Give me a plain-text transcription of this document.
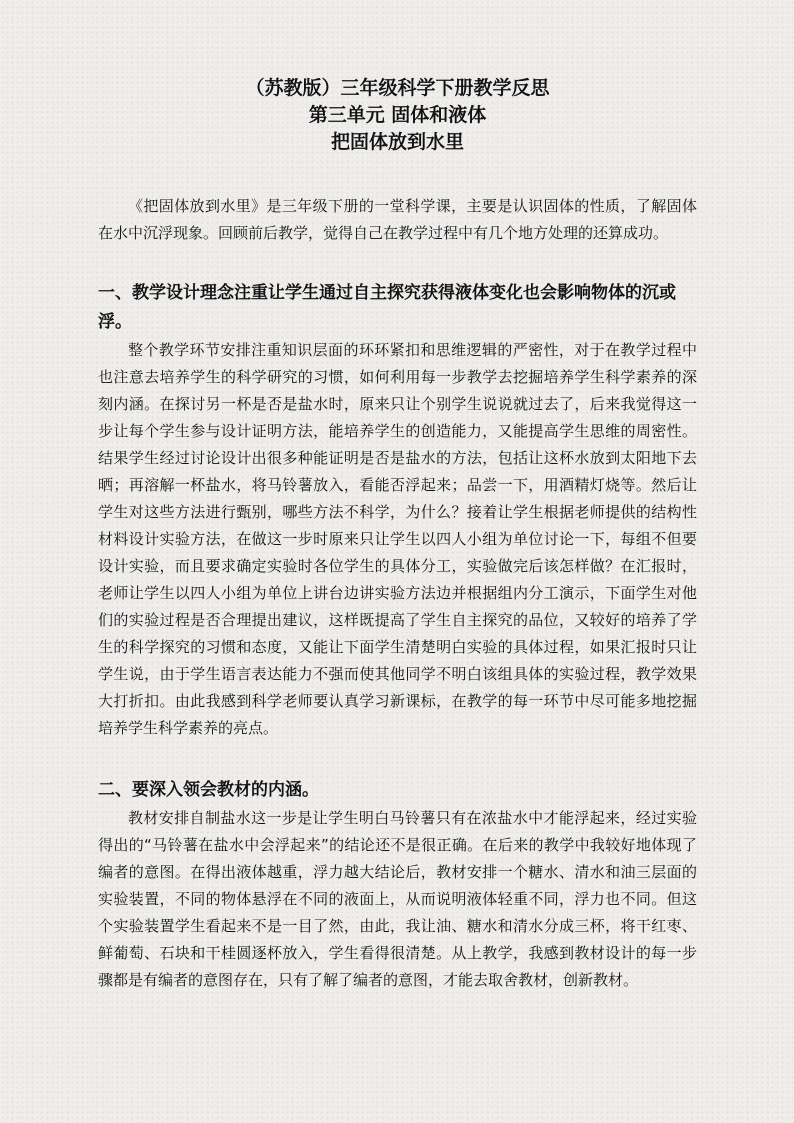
（苏教版）三年级科学下册教学反思
第三单元 固体和液体
把固体放到水里

《把固体放到水里》是三年级下册的一堂科学课，主要是认识固体的性质，了解固体在水中沉浮现象。回顾前后教学，觉得自己在教学过程中有几个地方处理的还算成功。

一、教学设计理念注重让学生通过自主探究获得液体变化也会影响物体的沉或浮。

整个教学环节安排注重知识层面的环环紧扣和思维逻辑的严密性，对于在教学过程中也注意去培养学生的科学研究的习惯，如何利用每一步教学去挖掘培养学生科学素养的深刻内涵。在探讨另一杯是否是盐水时，原来只让个别学生说说就过去了，后来我觉得这一步让每个学生参与设计证明方法，能培养学生的创造能力，又能提高学生思维的周密性。结果学生经过讨论设计出很多种能证明是否是盐水的方法，包括让这杯水放到太阳地下去晒；再溶解一杯盐水，将马铃薯放入，看能否浮起来；品尝一下，用酒精灯烧等。然后让学生对这些方法进行甄别，哪些方法不科学，为什么？接着让学生根据老师提供的结构性材料设计实验方法，在做这一步时原来只让学生以四人小组为单位讨论一下，每组不但要设计实验，而且要求确定实验时各位学生的具体分工，实验做完后该怎样做？在汇报时，老师让学生以四人小组为单位上讲台边讲实验方法边并根据组内分工演示，下面学生对他们的实验过程是否合理提出建议，这样既提高了学生自主探究的品位，又较好的培养了学生的科学探究的习惯和态度，又能让下面学生清楚明白实验的具体过程，如果汇报时只让学生说，由于学生语言表达能力不强而使其他同学不明白该组具体的实验过程，教学效果大打折扣。由此我感到科学老师要认真学习新课标，在教学的每一环节中尽可能多地挖掘培养学生科学素养的亮点。

二、要深入领会教材的内涵。

教材安排自制盐水这一步是让学生明白马铃薯只有在浓盐水中才能浮起来，经过实验得出的“马铃薯在盐水中会浮起来”的结论还不是很正确。在后来的教学中我较好地体现了编者的意图。在得出液体越重，浮力越大结论后，教材安排一个糖水、清水和油三层面的实验装置，不同的物体悬浮在不同的液面上，从而说明液体轻重不同，浮力也不同。但这个实验装置学生看起来不是一目了然，由此，我让油、糖水和清水分成三杯，将干红枣、鲜葡萄、石块和干桂圆逐杯放入，学生看得很清楚。从上教学，我感到教材设计的每一步骤都是有编者的意图存在，只有了解了编者的意图，才能去取舍教材，创新教材。
